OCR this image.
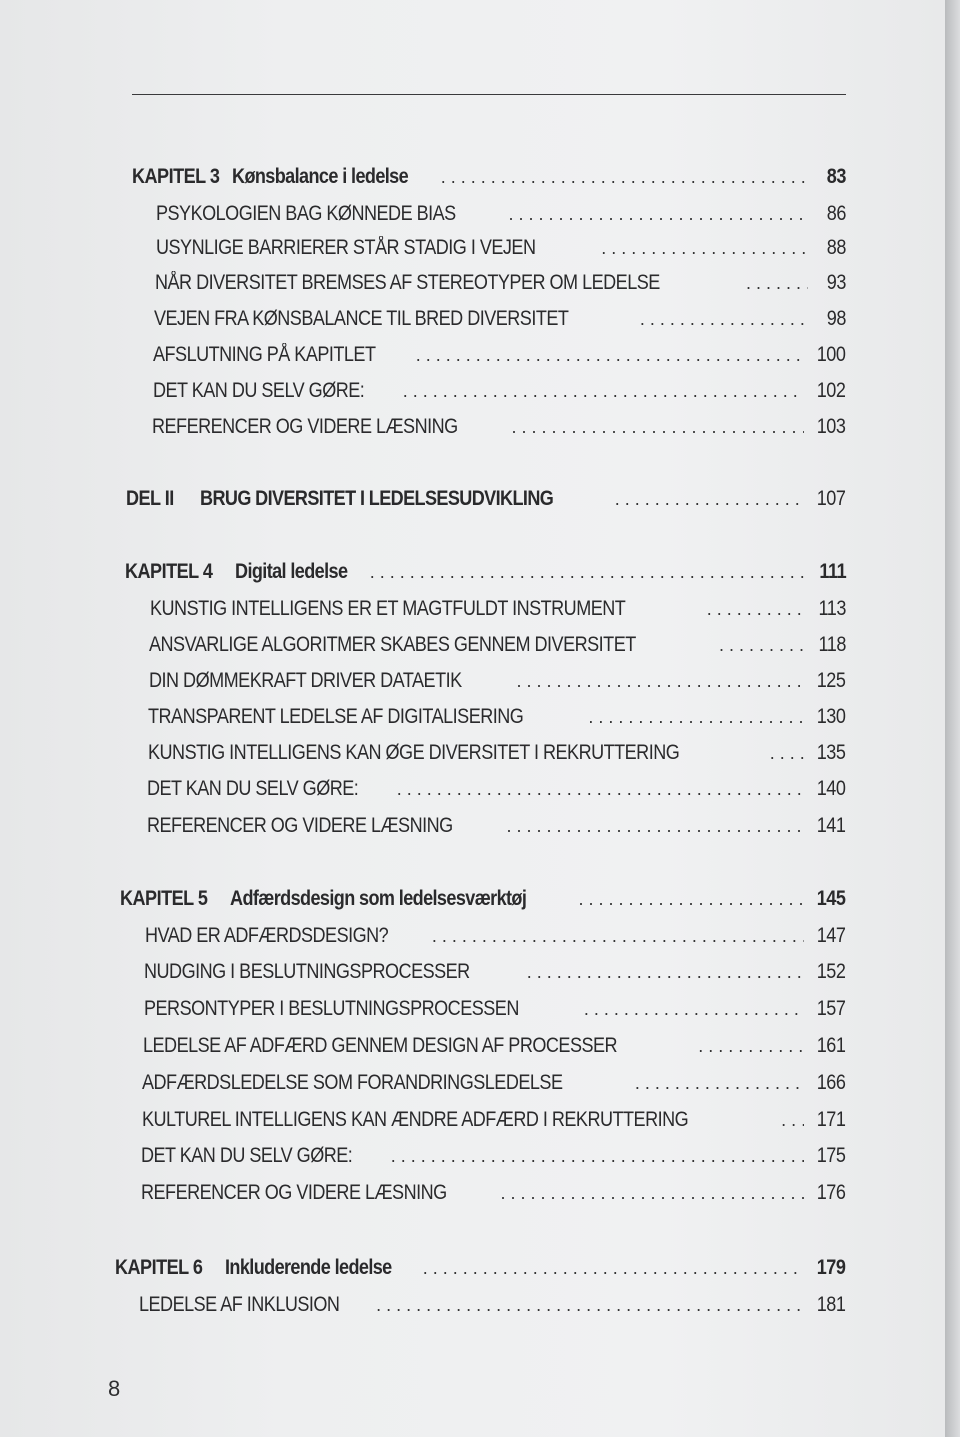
KAPITEL 3 Kønsbalance i ledelse . . .	83
PSYKOLOGIEN BAG KØNNEDE BIAS . . .	86
USYNLIGE BARRIERER STÅR STADIG I VEJEN . . .	88
NÅR DIVERSITET BREMSES AF STEREOTYPER OM LEDELSE . . .	93
VEJEN FRA KØNSBALANCE TIL BRED DIVERSITET . . .	98
AFSLUTNING PÅ KAPITLET . . .	100
DET KAN DU SELV GØRE: . . .	102
REFERENCER OG VIDERE LÆSNING . . .	103
DEL II	BRUG DIVERSITET I LEDELSESUDVIKLING . . .	107
KAPITEL 4	Digital ledelse . . .	111
KUNSTIG INTELLIGENS ER ET MAGTFULDT INSTRUMENT . . .	113
ANSVARLIGE ALGORITMER SKABES GENNEM DIVERSITET . . .	118
DIN DØMMEKRAFT DRIVER DATAETIK . . .	125
TRANSPARENT LEDELSE AF DIGITALISERING . . .	130
KUNSTIG INTELLIGENS KAN ØGE DIVERSITET I REKRUTTERING . . .	135
DET KAN DU SELV GØRE: . . .	140
REFERENCER OG VIDERE LÆSNING . . .	141
KAPITEL 5	Adfærdsdesign som ledelsesværktøj . . .	145
HVAD ER ADFÆRDSDESIGN? . . .	147
NUDGING I BESLUTNINGSPROCESSER . . .	152
PERSONTYPER I BESLUTNINGSPROCESSEN . . .	157
LEDELSE AF ADFÆRD GENNEM DESIGN AF PROCESSER . . .	161
ADFÆRDSLEDELSE SOM FORANDRINGSLEDELSE . . .	166
KULTUREL INTELLIGENS KAN ÆNDRE ADFÆRD I REKRUTTERING . . .	171
DET KAN DU SELV GØRE: . . .	175
REFERENCER OG VIDERE LÆSNING . . .	176
KAPITEL 6	Inkluderende ledelse . . .	179
LEDELSE AF INKLUSION . . .	181
8
